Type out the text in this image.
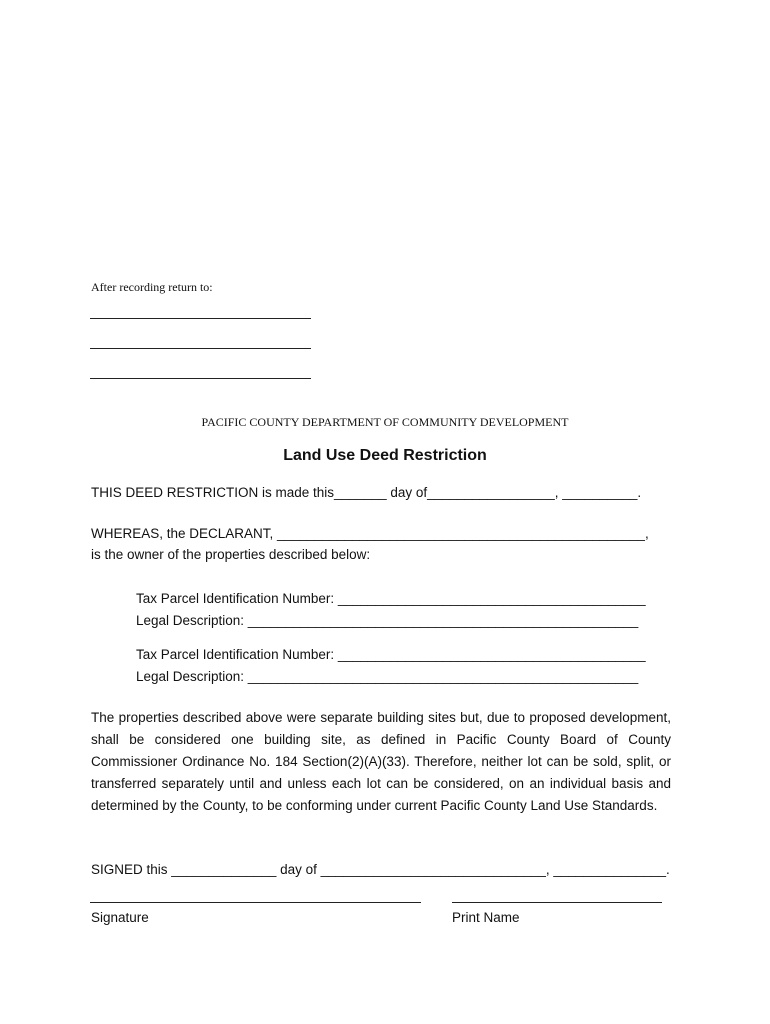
After recording return to:
PACIFIC COUNTY DEPARTMENT OF COMMUNITY DEVELOPMENT
Land Use Deed Restriction
THIS DEED RESTRICTION is made this_______ day of_________________, __________.
WHEREAS, the DECLARANT, _________________________________________________,
is the owner of the properties described below:
Tax Parcel Identification Number: _________________________________________
Legal Description: ____________________________________________________
Tax Parcel Identification Number: _________________________________________
Legal Description: ____________________________________________________
The properties described above were separate building sites but, due to proposed development, shall be considered one building site, as defined in Pacific County Board of County Commissioner Ordinance No. 184 Section(2)(A)(33). Therefore, neither lot can be sold, split, or transferred separately until and unless each lot can be considered, on an individual basis and determined by the County, to be conforming under current Pacific County Land Use Standards.
SIGNED this ______________ day of ______________________________, _______________.
Signature	Print Name
